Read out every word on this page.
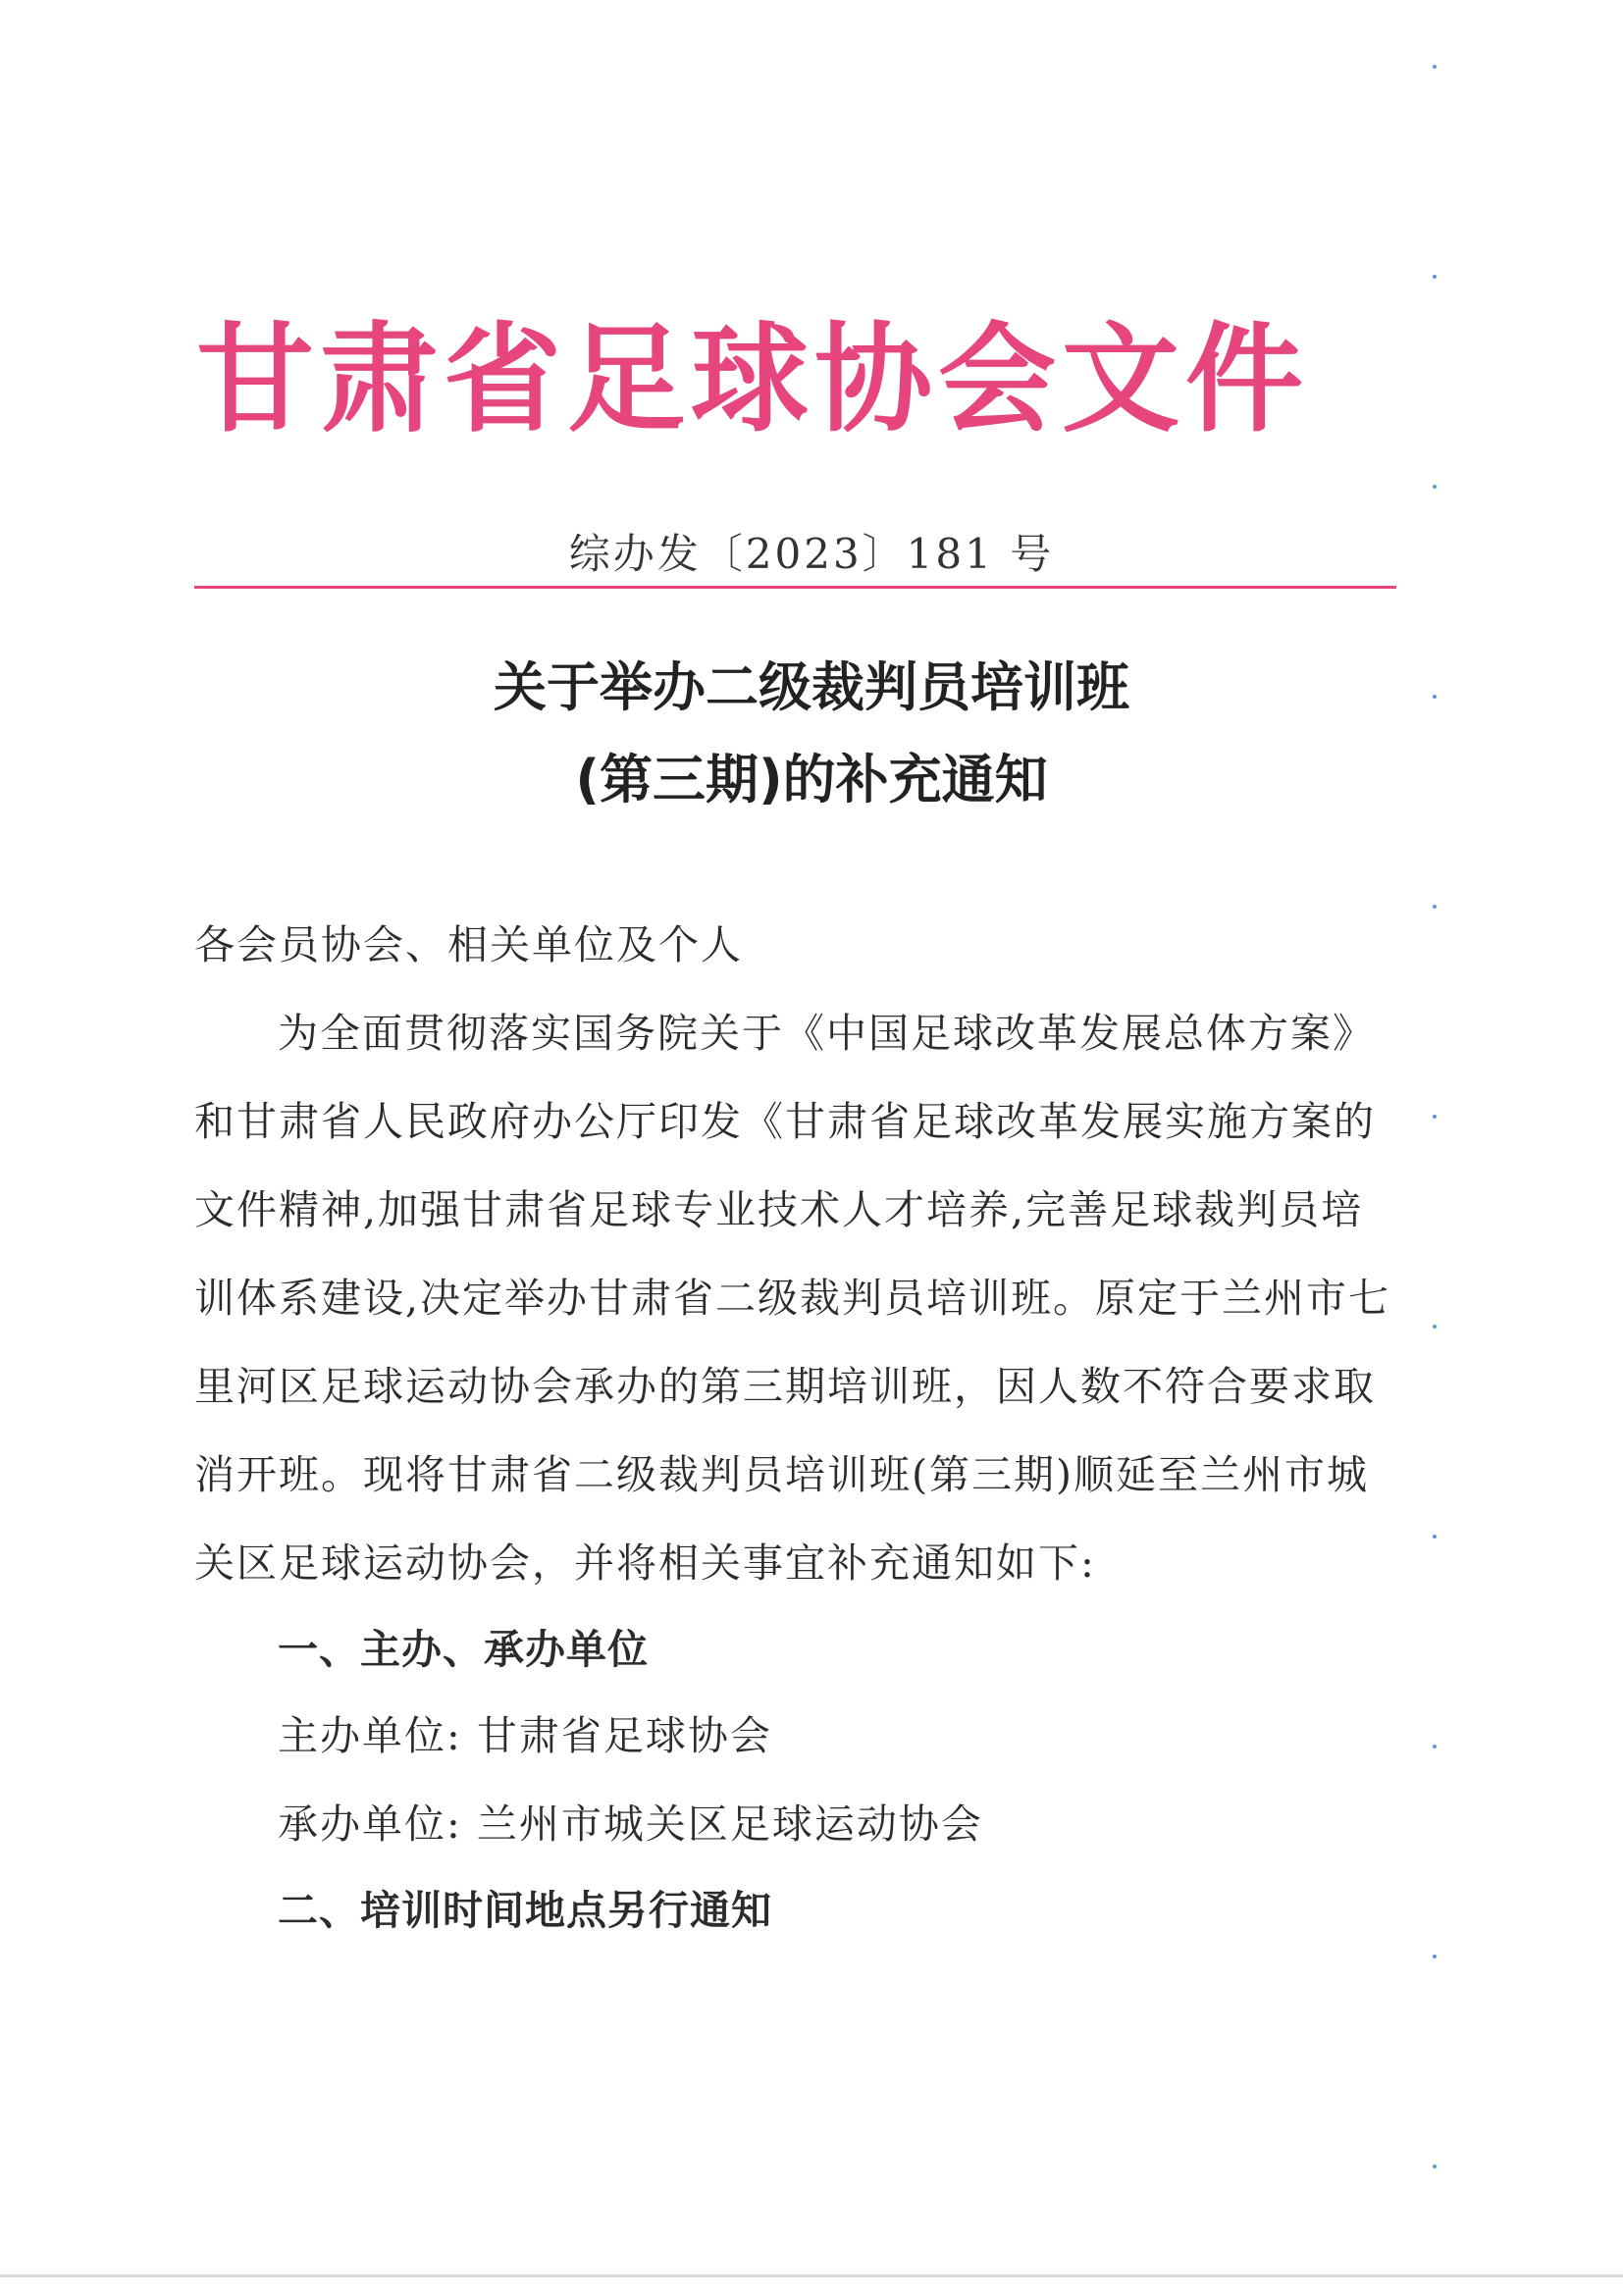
甘肃省足球协会文件
综办发〔2023〕181 号
关于举办二级裁判员培训班
(第三期)的补充通知
各会员协会、相关单位及个人
为全面贯彻落实国务院关于《中国足球改革发展总体方案》
和甘肃省人民政府办公厅印发《甘肃省足球改革发展实施方案的
文件精神,加强甘肃省足球专业技术人才培养,完善足球裁判员培
训体系建设,决定举办甘肃省二级裁判员培训班。原定于兰州市七
里河区足球运动协会承办的第三期培训班，因人数不符合要求取
消开班。现将甘肃省二级裁判员培训班(第三期)顺延至兰州市城
关区足球运动协会，并将相关事宜补充通知如下:
一、主办、承办单位
主办单位: 甘肃省足球协会
承办单位: 兰州市城关区足球运动协会
二、培训时间地点另行通知
